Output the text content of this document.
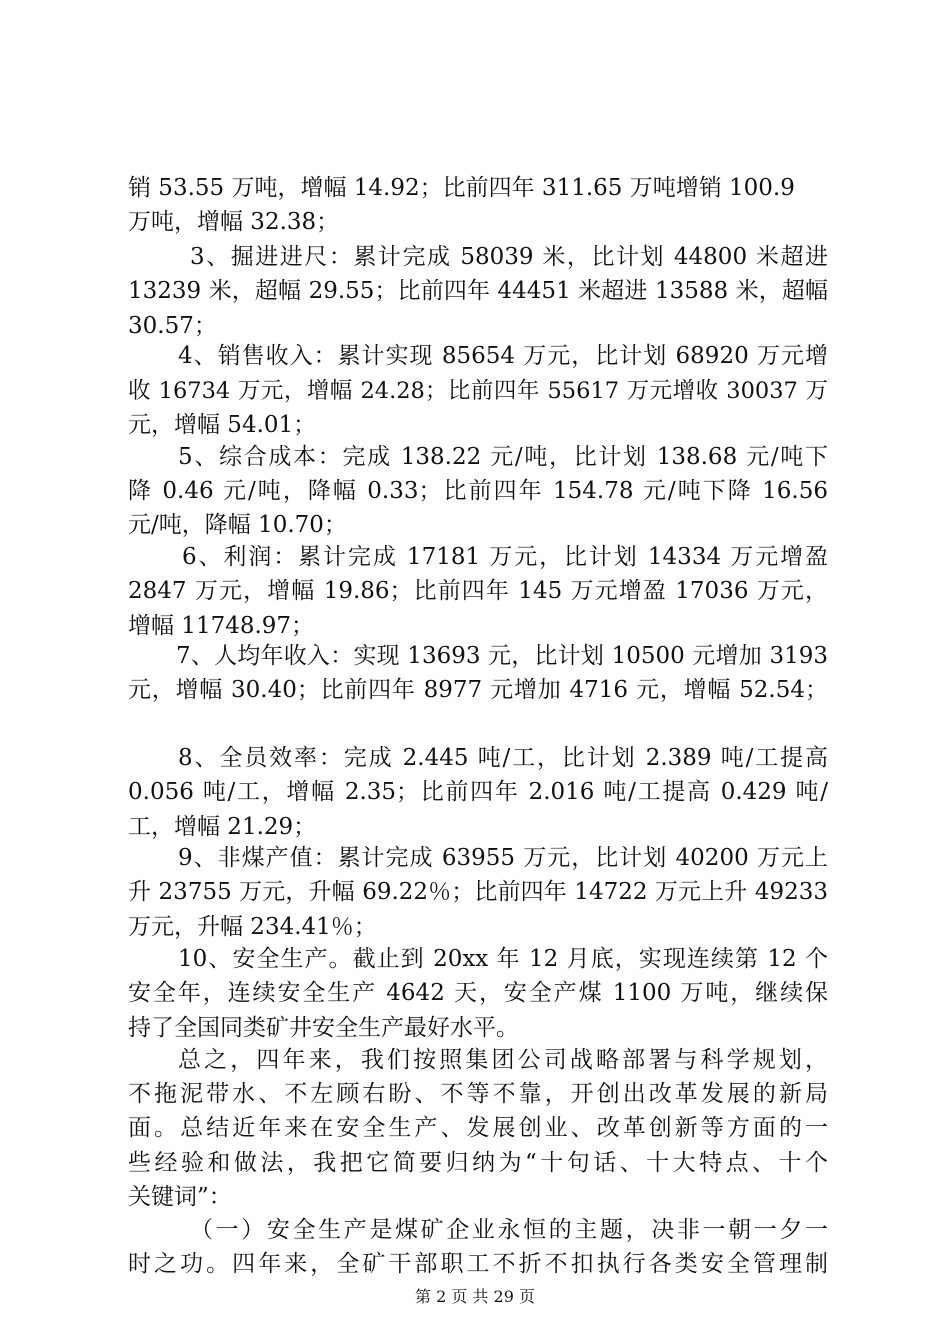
销 53.55 万吨，增幅 14.92；比前四年 311.65 万吨增销 100.9
万吨，增幅 32.38；
3、掘进进尺：累计完成 58039 米，比计划 44800 米超进
13239 米，超幅 29.55；比前四年 44451 米超进 13588 米，超幅
30.57；
4、销售收入：累计实现 85654 万元，比计划 68920 万元增
收 16734 万元，增幅 24.28；比前四年 55617 万元增收 30037 万
元，增幅 54.01；
5、综合成本：完成 138.22 元/吨，比计划 138.68 元/吨下
降 0.46 元/吨，降幅 0.33；比前四年 154.78 元/吨下降 16.56
元/吨，降幅 10.70；
6、利润：累计完成 17181 万元，比计划 14334 万元增盈
2847 万元，增幅 19.86；比前四年 145 万元增盈 17036 万元，
增幅 11748.97；
7、人均年收入：实现 13693 元，比计划 10500 元增加 3193
元，增幅 30.40；比前四年 8977 元增加 4716 元，增幅 52.54；
8、全员效率：完成 2.445 吨/工，比计划 2.389 吨/工提高
0.056 吨/工，增幅 2.35；比前四年 2.016 吨/工提高 0.429 吨/
工，增幅 21.29；
9、非煤产值：累计完成 63955 万元，比计划 40200 万元上
升 23755 万元，升幅 69.22％；比前四年 14722 万元上升 49233
万元，升幅 234.41％；
10、安全生产。截止到 20xx 年 12 月底，实现连续第 12 个
安全年，连续安全生产 4642 天，安全产煤 1100 万吨，继续保
持了全国同类矿井安全生产最好水平。
总之，四年来，我们按照集团公司战略部署与科学规划，
不拖泥带水、不左顾右盼、不等不靠，开创出改革发展的新局
面。总结近年来在安全生产、发展创业、改革创新等方面的一
些经验和做法，我把它简要归纳为“十句话、十大特点、十个
关键词”：
（一）安全生产是煤矿企业永恒的主题，决非一朝一夕一
时之功。四年来，全矿干部职工不折不扣执行各类安全管理制
第 2 页 共 29 页
